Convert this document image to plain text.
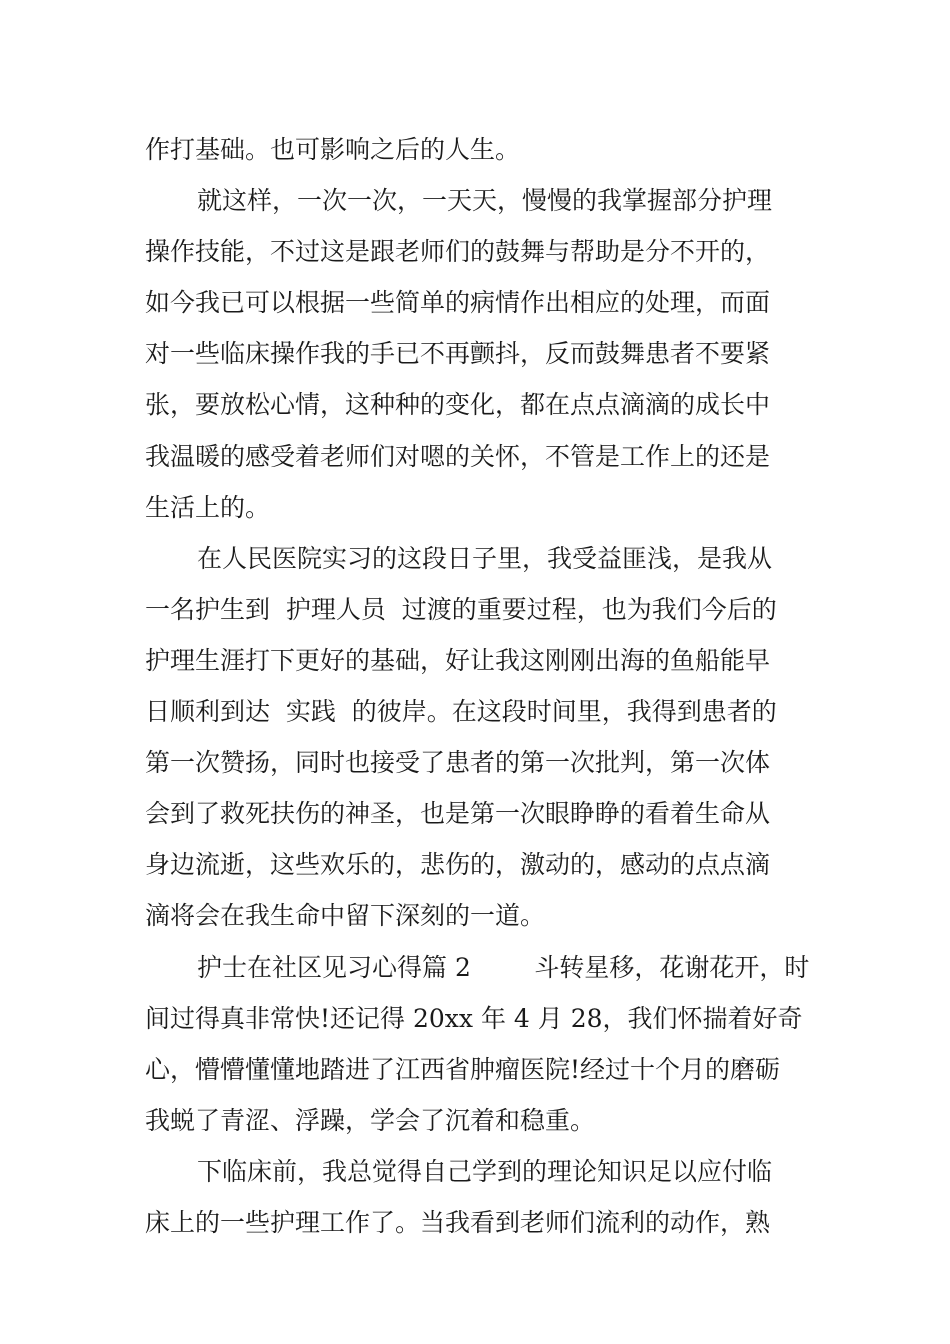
作打基础。也可影响之后的人生。
就这样，一次一次，一天天，慢慢的我掌握部分护理
操作技能，不过这是跟老师们的鼓舞与帮助是分不开的，
如今我已可以根据一些简单的病情作出相应的处理，而面
对一些临床操作我的手已不再颤抖，反而鼓舞患者不要紧
张，要放松心情，这种种的变化，都在点点滴滴的成长中
我温暖的感受着老师们对嗯的关怀，不管是工作上的还是
生活上的。
在人民医院实习的这段日子里，我受益匪浅，是我从
一名护生到  护理人员  过渡的重要过程，也为我们今后的
护理生涯打下更好的基础，好让我这刚刚出海的鱼船能早
日顺利到达  实践  的彼岸。在这段时间里，我得到患者的
第一次赞扬，同时也接受了患者的第一次批判，第一次体
会到了救死扶伤的神圣，也是第一次眼睁睁的看着生命从
身边流逝，这些欢乐的，悲伤的，激动的，感动的点点滴
滴将会在我生命中留下深刻的一道。
护士在社区见习心得篇 2        斗转星移，花谢花开，时
间过得真非常快!还记得 20xx 年 4 月 28，我们怀揣着好奇
心，懵懵懂懂地踏进了江西省肿瘤医院!经过十个月的磨砺
我蜕了青涩、浮躁，学会了沉着和稳重。
下临床前，我总觉得自己学到的理论知识足以应付临
床上的一些护理工作了。当我看到老师们流利的动作，熟
